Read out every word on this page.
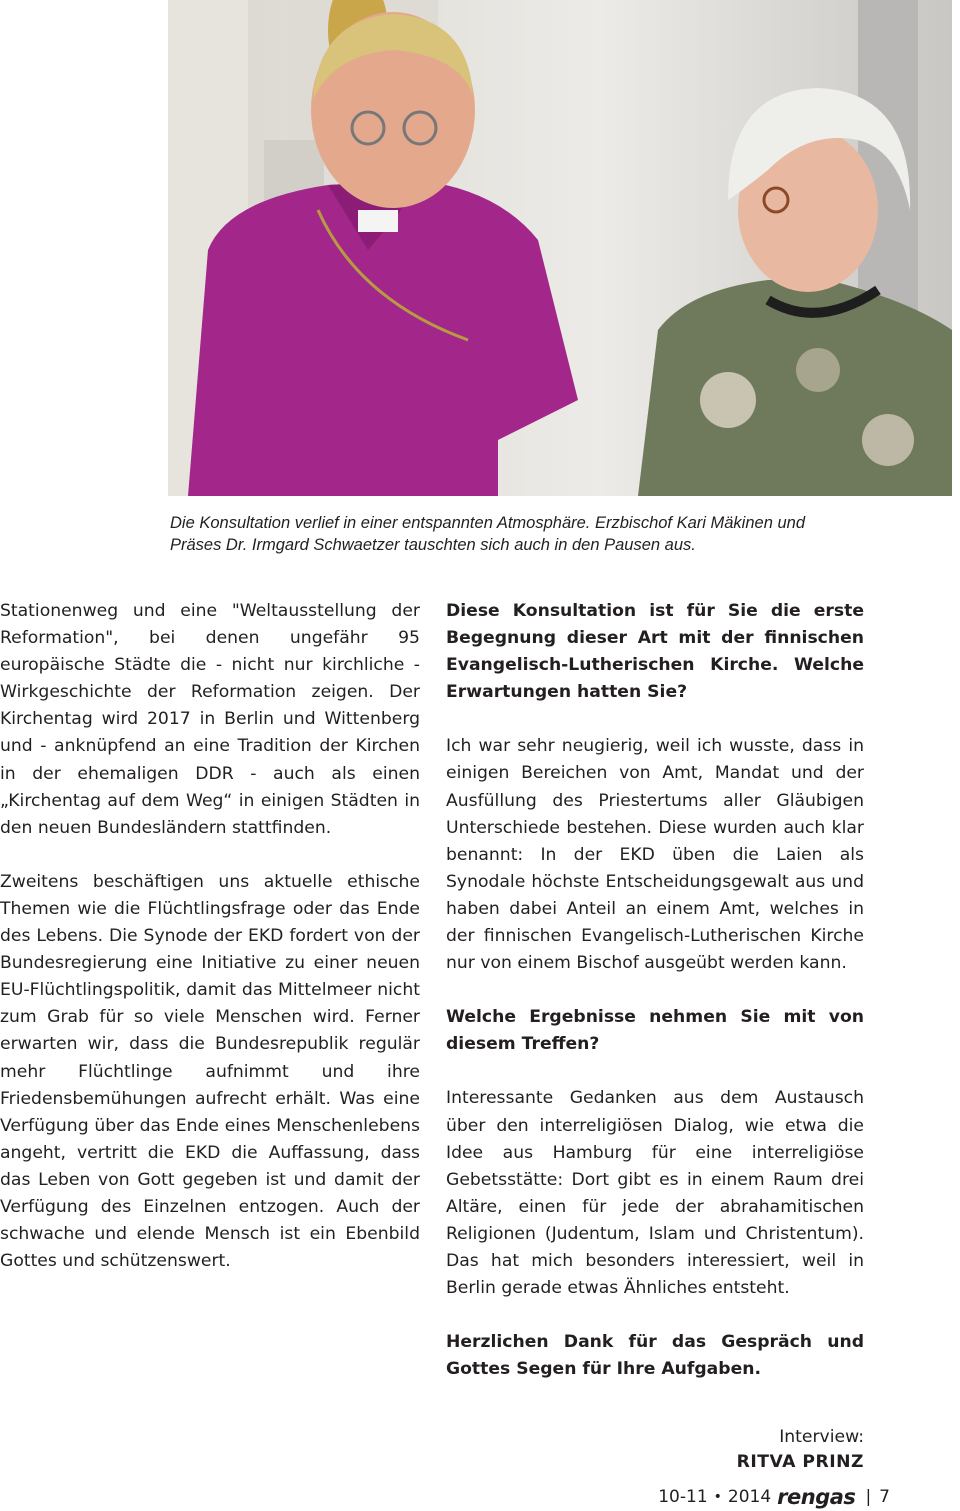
Die Konsultation verlief in einer entspannten Atmosphäre. Erzbischof Kari Mäkinen und
Präses Dr. Irmgard Schwaetzer tauschten sich auch in den Pausen aus.

Stationenweg und eine "Weltausstellung der Reformation", bei denen ungefähr 95 europäische Städte die - nicht nur kirchliche - Wirkgeschichte der Reformation zeigen. Der Kirchentag wird 2017 in Berlin und Wittenberg und - anknüpfend an eine Tradition der Kirchen in der ehemaligen DDR - auch als einen „Kirchentag auf dem Weg“ in einigen Städten in den neuen Bundesländern stattfinden.

Zweitens beschäftigen uns aktuelle ethische Themen wie die Flüchtlingsfrage oder das Ende des Lebens. Die Synode der EKD fordert von der Bundesregierung eine Initiative zu einer neuen EU-Flüchtlingspolitik, damit das Mittelmeer nicht zum Grab für so viele Menschen wird. Ferner erwarten wir, dass die Bundesrepublik regulär mehr Flüchtlinge aufnimmt und ihre Friedensbemühungen aufrecht erhält. Was eine Verfügung über das Ende eines Menschenlebens angeht, vertritt die EKD die Auffassung, dass das Leben von Gott gegeben ist und damit der Verfügung des Einzelnen entzogen. Auch der schwache und elende Mensch ist ein Ebenbild Gottes und schützenswert.

Diese Konsultation ist für Sie die erste Begegnung dieser Art mit der finnischen Evangelisch-Lutherischen Kirche. Welche Erwartungen hatten Sie?

Ich war sehr neugierig, weil ich wusste, dass in einigen Bereichen von Amt, Mandat und der Ausfüllung des Priestertums aller Gläubigen Unterschiede bestehen. Diese wurden auch klar benannt: In der EKD üben die Laien als Synodale höchste Entscheidungsgewalt aus und haben dabei Anteil an einem Amt, welches in der finnischen Evangelisch-Lutherischen Kirche nur von einem Bischof ausgeübt werden kann.

Welche Ergebnisse nehmen Sie mit von diesem Treffen?

Interessante Gedanken aus dem Austausch über den interreligiösen Dialog, wie etwa die Idee aus Hamburg für eine interreligiöse Gebetsstätte: Dort gibt es in einem Raum drei Altäre, einen für jede der abrahamitischen Religionen (Judentum, Islam und Christentum). Das hat mich besonders interessiert, weil in Berlin gerade etwas Ähnliches entsteht.

Herzlichen Dank für das Gespräch und Gottes Segen für Ihre Aufgaben.

Interview:
RITVA PRINZ
10-11 • 2014 rengas | 7
